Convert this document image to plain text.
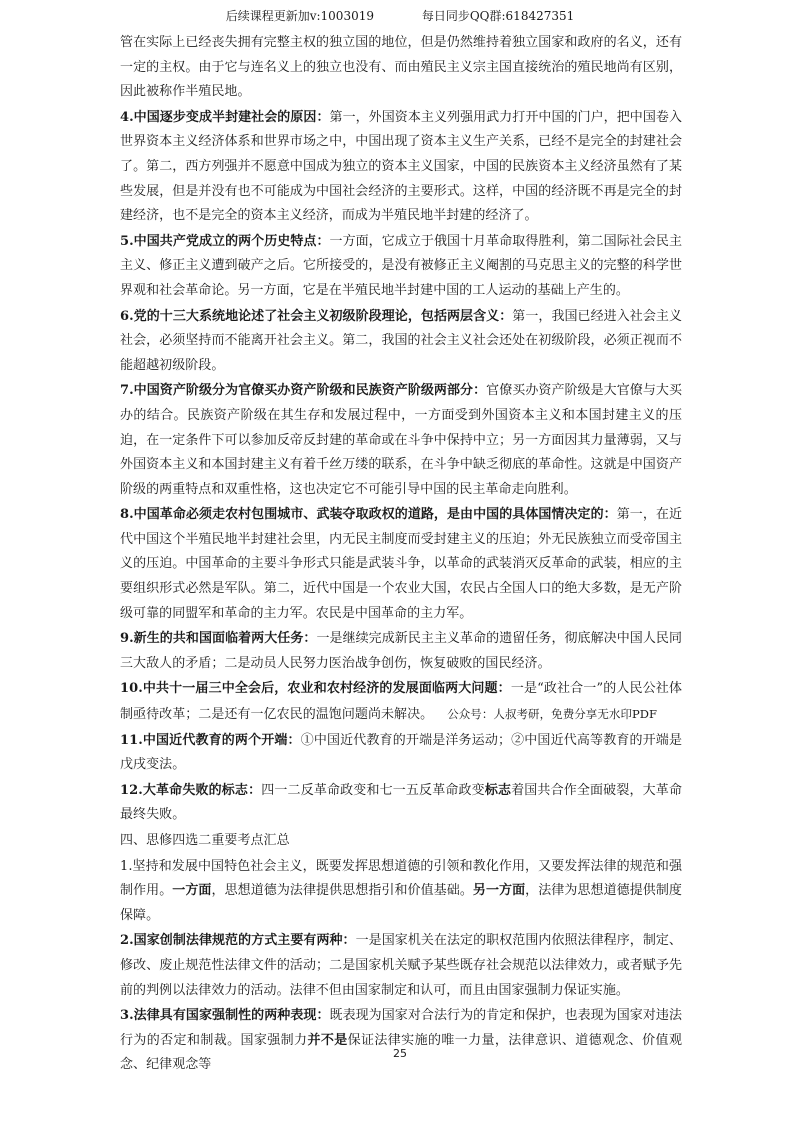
后续课程更新加v:1003019	每日同步QQ群:618427351

管在实际上已经丧失拥有完整主权的独立国的地位，但是仍然维持着独立国家和政府的名义，还有一定的主权。由于它与连名义上的独立也没有、而由殖民主义宗主国直接统治的殖民地尚有区别，因此被称作半殖民地。

4.中国逐步变成半封建社会的原因：第一，外国资本主义列强用武力打开中国的门户，把中国卷入世界资本主义经济体系和世界市场之中，中国出现了资本主义生产关系，已经不是完全的封建社会了。第二，西方列强并不愿意中国成为独立的资本主义国家，中国的民族资本主义经济虽然有了某些发展，但是并没有也不可能成为中国社会经济的主要形式。这样，中国的经济既不再是完全的封建经济，也不是完全的资本主义经济，而成为半殖民地半封建的经济了。

5.中国共产党成立的两个历史特点：一方面，它成立于俄国十月革命取得胜利，第二国际社会民主主义、修正主义遭到破产之后。它所接受的，是没有被修正主义阉割的马克思主义的完整的科学世界观和社会革命论。另一方面，它是在半殖民地半封建中国的工人运动的基础上产生的。

6.党的十三大系统地论述了社会主义初级阶段理论，包括两层含义：第一，我国已经进入社会主义社会，必须坚持而不能离开社会主义。第二，我国的社会主义社会还处在初级阶段，必须正视而不能超越初级阶段。

7.中国资产阶级分为官僚买办资产阶级和民族资产阶级两部分：官僚买办资产阶级是大官僚与大买办的结合。民族资产阶级在其生存和发展过程中，一方面受到外国资本主义和本国封建主义的压迫，在一定条件下可以参加反帝反封建的革命或在斗争中保持中立；另一方面因其力量薄弱，又与外国资本主义和本国封建主义有着千丝万缕的联系，在斗争中缺乏彻底的革命性。这就是中国资产阶级的两重特点和双重性格，这也决定它不可能引导中国的民主革命走向胜利。

8.中国革命必须走农村包围城市、武装夺取政权的道路，是由中国的具体国情决定的：第一，在近代中国这个半殖民地半封建社会里，内无民主制度而受封建主义的压迫；外无民族独立而受帝国主义的压迫。中国革命的主要斗争形式只能是武装斗争，以革命的武装消灭反革命的武装，相应的主要组织形式必然是军队。第二，近代中国是一个农业大国，农民占全国人口的绝大多数，是无产阶级可靠的同盟军和革命的主力军。农民是中国革命的主力军。

9.新生的共和国面临着两大任务：一是继续完成新民主主义革命的遗留任务，彻底解决中国人民同三大敌人的矛盾；二是动员人民努力医治战争创伤，恢复破败的国民经济。

10.中共十一届三中全会后，农业和农村经济的发展面临两大问题：一是“政社合一”的人民公社体制亟待改革；二是还有一亿农民的温饱问题尚未解决。 公众号：人叔考研，免费分享无水印PDF

11.中国近代教育的两个开端：①中国近代教育的开端是洋务运动；②中国近代高等教育的开端是戊戌变法。

12.大革命失败的标志：四一二反革命政变和七一五反革命政变标志着国共合作全面破裂，大革命最终失败。

四、思修四选二重要考点汇总

1.坚持和发展中国特色社会主义，既要发挥思想道德的引领和教化作用，又要发挥法律的规范和强制作用。一方面，思想道德为法律提供思想指引和价值基础。另一方面，法律为思想道德提供制度保障。

2.国家创制法律规范的方式主要有两种：一是国家机关在法定的职权范围内依照法律程序，制定、修改、废止规范性法律文件的活动；二是国家机关赋予某些既存社会规范以法律效力，或者赋予先前的判例以法律效力的活动。法律不但由国家制定和认可，而且由国家强制力保证实施。

3.法律具有国家强制性的两种表现：既表现为国家对合法行为的肯定和保护，也表现为国家对违法行为的否定和制裁。国家强制力并不是保证法律实施的唯一力量，法律意识、道德观念、价值观念、纪律观念等

25
